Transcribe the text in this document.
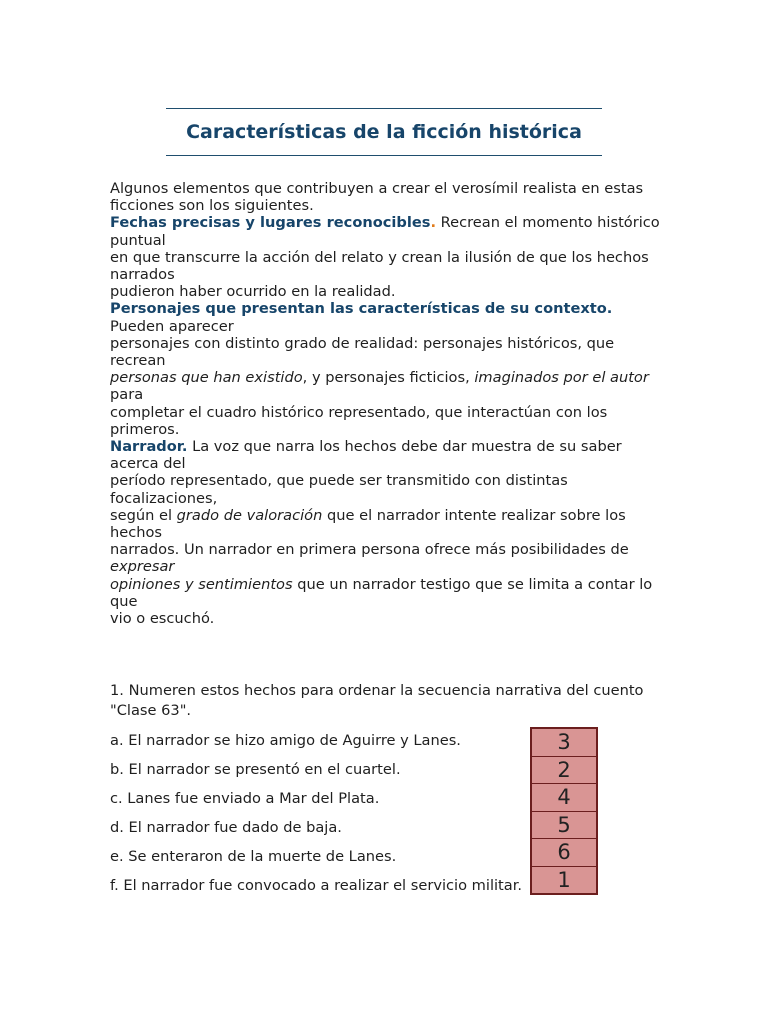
Características de la ficción histórica

Algunos elementos que contribuyen a crear el verosímil realista en estas
ficciones son los siguientes.

Fechas precisas y lugares reconocibles. Recrean el momento histórico puntual
en que transcurre la acción del relato y crean la ilusión de que los hechos narrados
pudieron haber ocurrido en la realidad.

Personajes que presentan las características de su contexto. Pueden aparecer
personajes con distinto grado de realidad: personajes históricos, que recrean
personas que han existido, y personajes ficticios, imaginados por el autor para
completar el cuadro histórico representado, que interactúan con los primeros.

Narrador. La voz que narra los hechos debe dar muestra de su saber acerca del
período representado, que puede ser transmitido con distintas focalizaciones,
según el grado de valoración que el narrador intente realizar sobre los hechos
narrados. Un narrador en primera persona ofrece más posibilidades de expresar
opiniones y sentimientos que un narrador testigo que se limita a contar lo que
vio o escuchó.

1. Numeren estos hechos para ordenar la secuencia narrativa del cuento "Clase 63".

a. El narrador se hizo amigo de Aguirre y Lanes.

b. El narrador se presentó en el cuartel.

c. Lanes fue enviado a Mar del Plata.

d. El narrador fue dado de baja.

e. Se enteraron de la muerte de Lanes.

f. El narrador fue convocado a realizar el servicio militar.

3
2
4
5
6
1
